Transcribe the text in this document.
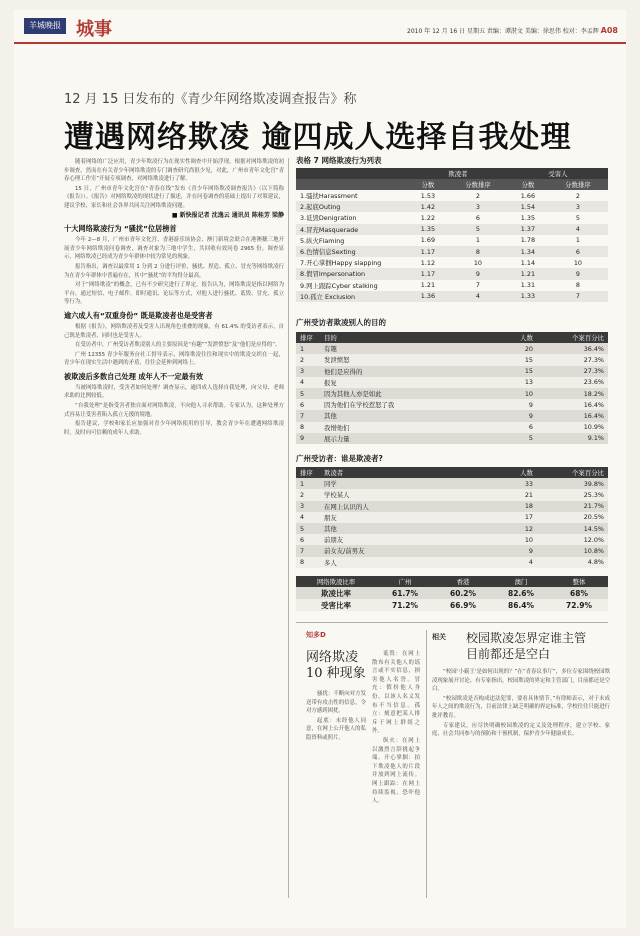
羊城晚报 城事	2010 年 12 月 16 日 星期五 责编：谭湛文 美编：徐思伟 校对：李孟辉 A08
12 月 15 日发布的《青少年网络欺凌调查报告》称
遭遇网络欺凌 逾四成人选择自我处理

随着网络的广泛应用，青少年欺凌行为在现实性调查中开始浮现，根据对网络欺凌的初步调查，然而在有关青少年网络欺凌的专门调查研究尚很少见，对此，广州市青年文化宫“青春心理工作室”开展专项调查，对网络欺凌进行了解。

15 日，广州市青年文化宫在“青春在线”发布《青少年网络欺凌调查报告》（以下简称《报告》）。《报告》对网络欺凌的现状进行了描述，并在问卷调查的基础上提出了对策建议，建议学校、家长和社会各界共同关注网络欺凌问题。

■ 新快报记者 沈逸云 通讯员 陈桂芳 梁静

十大网络欺凌行为 “骚扰”位居榜首

今年 2—8 月，广州市青年文化宫、香港游乐场协会、澳门新境会联合在港澳穗三地开展青少年网络欺凌问卷调查，调查对象为三地中学生，共回收有效问卷 2965 份。调查显示，网络欺凌已经成为青少年群体中较为常见的现象。

报告指出，调查以最常用 1 分到 2 分进行评价，骚扰、捏造、孤立、冒充等网络欺凌行为在青少年群体中普遍存在，其中“骚扰”的平均得分最高。

对于“网络欺凌”的概念，已有不少研究进行了界定。报告认为，网络欺凌是指以网络为平台，通过短信、电子邮件、即时通讯、论坛等方式，对他人进行骚扰、诋毁、冒充、孤立等行为。

逾六成人有“双重身份” 既是欺凌者也是受害者

根据《报告》，网络欺凌者及受害人出现角色重叠的现象，有 61.4% 的受访者表示，自己既是欺凌者，同时也是受害人。

在受访者中，广州受访者欺凌别人的主要原因是“有趣”“发泄愤怒”及“他们是应得的”。

广州 12355 青少年服务台社工督导表示，网络欺凌往往和现实中的欺凌交织在一起，青少年在现实生活中遇到的矛盾，往往会延伸到网络上。

被欺凌后多数自己处理 成年人不一定最有效

当被网络欺凌时，受害者如何处理？调查显示，逾四成人选择自我处理，向父母、老师求助的比例较低。

“自我处理”是指受害者独自面对网络欺凌，不向他人寻求帮助。专家认为，这种处理方式容易让受害者陷入孤立无援的境地。

报告建议，学校和家长应加强对青少年网络使用的引导，教会青少年在遭遇网络欺凌时，及时向可信赖的成年人求助。

表格 7 网络欺凌行为列表
	欺凌者		受害人	
	分数	分数排序	分数	分数排序
1.骚扰Harassment	1.53	2	1.66	2
2.起底Outing	1.42	3	1.54	3
3.诋毁Denigration	1.22	6	1.35	5
4.冒充Masquerade	1.35	5	1.37	4
5.纵火Flaming	1.69	1	1.78	1
6.色情信息Sexting	1.17	8	1.34	6
7.开心掌掴Happy slapping	1.12	10	1.14	10
8.假冒Impersonation	1.17	9	1.21	9
9.网上跟踪Cyber stalking	1.21	7	1.31	8
10.孤立 Exclusion	1.36	4	1.33	7
广州受访者欺凌别人的目的
排序	目的	人数	个案百分比
1	有趣	20	36.4%
2	发泄愤怒	15	27.3%
3	他们是应得的	15	27.3%
4	报复	13	23.6%
5	因为其他人亦是如此	10	18.2%
6	因为他们在学校惹怒了我	9	16.4%
7	其他	9	16.4%
8	我憎他们	6	10.9%
9	展示力量	5	9.1%
广州受访者：谁是欺凌者?
排序	欺凌者	人数	个案百分比
1	同学	33	39.8%
2	学校某人	21	25.3%
3	在网上认识的人	18	21.7%
4	朋友	17	20.5%
5	其他	12	14.5%
6	前朋友	10	12.0%
7	前女友/前男友	9	10.8%
8	多人	4	4.8%
网络欺凌比率	广州	香港	澳门	整体
欺凌比率	61.7%	60.2%	82.6%	68%
受害比率	71.2%	66.9%	86.4%	72.9%
知多D
网络欺凌
10 种现象

骚扰：不断向对方发送带有攻击性的信息，令对方感到困扰。

起底：未经他人同意，在网上公开他人的私隐资料或照片。

诋毁：在网上散布有关他人的谣言或不实信息，损害他人名誉。冒充：假扮他人身份，以该人名义发布不当信息。孤立：刻意把某人排斥于网上群组之外。

纵火：在网上以激烈言辞挑起争端。开心掌掴：拍下欺凌他人的片段并放到网上流传。网上跟踪：在网上持续监视、恐吓他人。

相关 校园欺凌怎界定谁主管
目前都还是空白

“校园‘小霸王’是如何出现的？”在“青春议事厅”，多位专家围绕校园欺凌现象展开讨论。有专家指出，校园欺凌的界定和主管部门，目前都还是空白。

“校园欺凌是否构成违法犯罪，要看具体情节。”有律师表示，对于未成年人之间的欺凌行为，目前法律上缺乏明确的界定标准，学校往往只能进行批评教育。

专家建议，应尽快明确校园欺凌的定义及处理程序，建立学校、家庭、社会共同参与的预防和干预机制，保护青少年健康成长。
